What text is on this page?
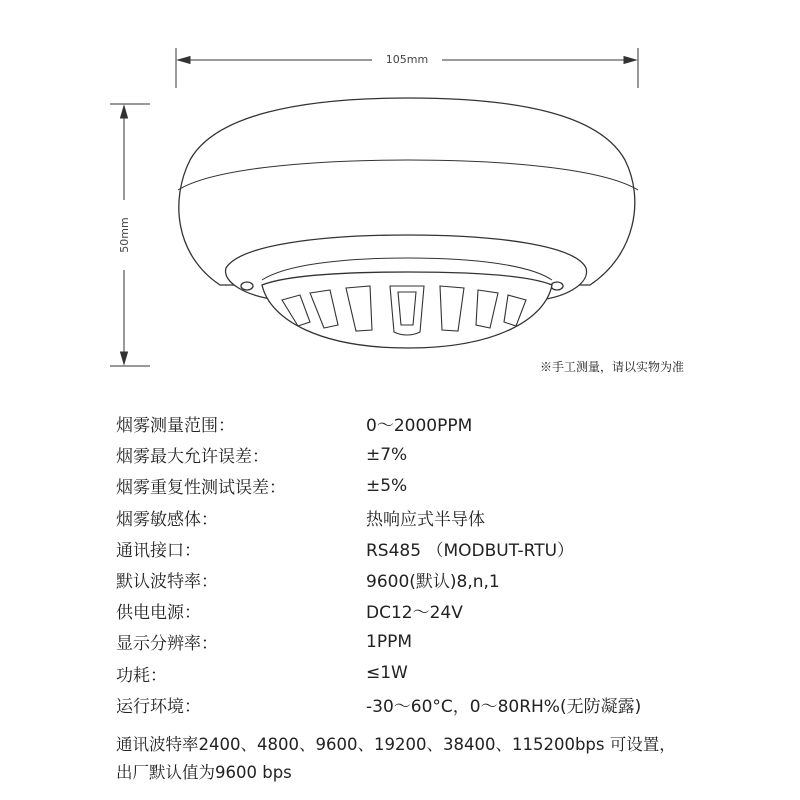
105mm
50mm
※手工测量，请以实物为准
烟雾测量范围：	0～2000PPM
烟雾最大允许误差：	±7%
烟雾重复性测试误差：	±5%
烟雾敏感体：	热响应式半导体
通讯接口：	RS485 （MODBUT-RTU）
默认波特率：	9600(默认)8,n,1
供电电源：	DC12～24V
显示分辨率：	1PPM
功耗：	≤1W
运行环境：	-30～60°C，0～80RH%(无防凝露)
通讯波特率2400、4800、9600、19200、38400、115200bps 可设置，
出厂默认值为9600 bps
